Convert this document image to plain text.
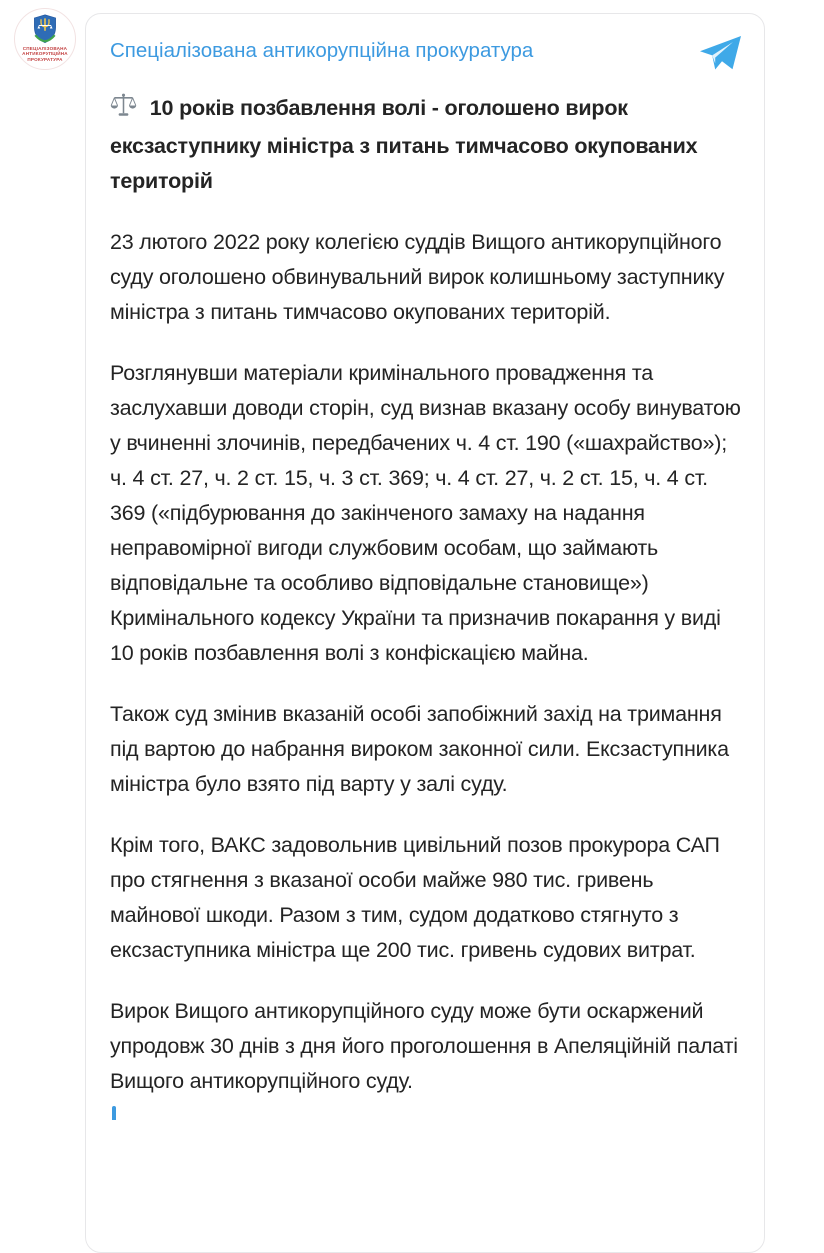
СПЕЦІАЛІЗОВАНА
АНТИКОРУПЦІЙНА
ПРОКУРАТУРА Спеціалізована антикорупційна прокуратура
10 років позбавлення волі - оголошено вирок ексзаступнику міністра з питань тимчасово окупованих територій

23 лютого 2022 року колегією суддів Вищого антикорупційного суду оголошено обвинувальний вирок колишньому заступнику міністра з питань тимчасово окупованих територій.

Розглянувши матеріали кримінального провадження та заслухавши доводи сторін, суд визнав вказану особу винуватою у вчиненні злочинів, передбачених ч. 4 ст. 190 («шахрайство»); ч. 4 ст. 27, ч. 2 ст. 15, ч. 3 ст. 369; ч. 4 ст. 27, ч. 2 ст. 15, ч. 4 ст. 369 («підбурювання до закінченого замаху на надання неправомірної вигоди службовим особам, що займають відповідальне та особливо відповідальне становище») Кримінального кодексу України та призначив покарання у виді 10 років позбавлення волі з конфіскацією майна.

Також суд змінив вказаній особі запобіжний захід на тримання під вартою до набрання вироком законної сили. Ексзаступника міністра було взято під варту у залі суду.

Крім того, ВАКС задовольнив цивільний позов прокурора САП про стягнення з вказаної особи майже 980 тис. гривень майнової шкоди. Разом з тим, судом додатково стягнуто з ексзаступника міністра ще 200 тис. гривень судових витрат.

Вирок Вищого антикорупційного суду може бути оскаржений упродовж 30 днів з дня його проголошення в Апеляційній палаті Вищого антикорупційного суду.
